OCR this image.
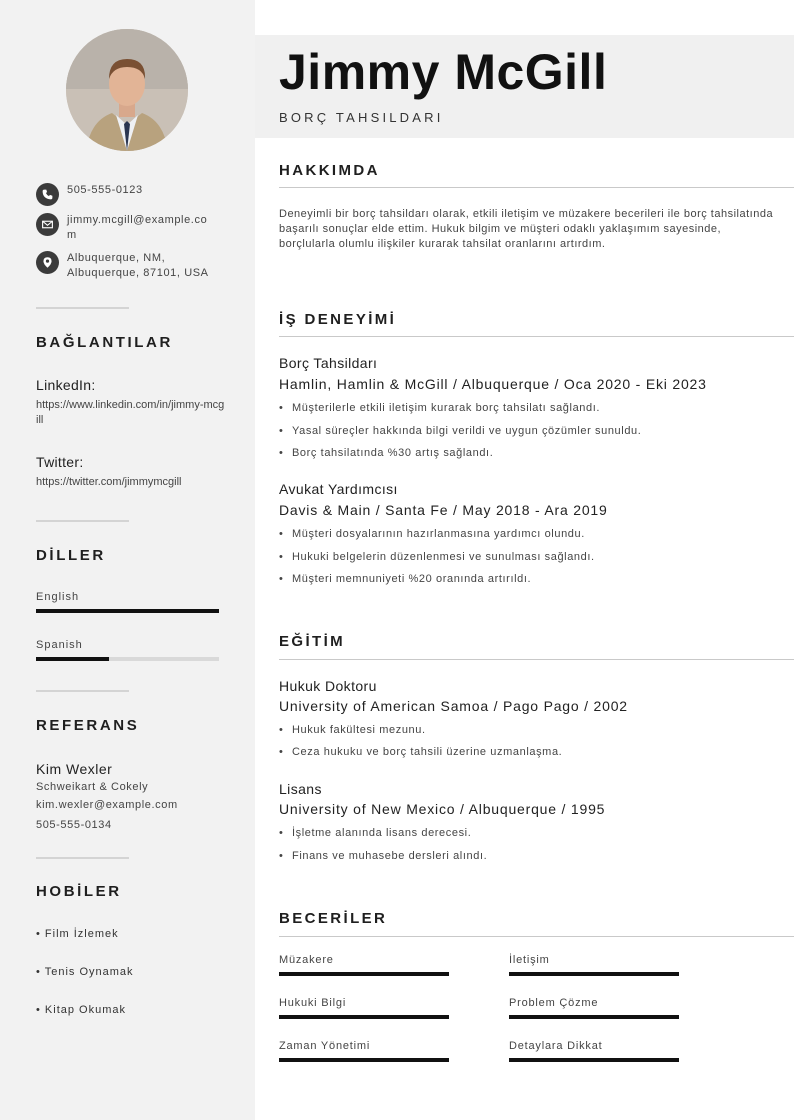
505-555-0123
jimmy.mcgill@example.com
Albuquerque, NM, Albuquerque, 87101, USA
BAĞLANTILAR
LinkedIn:
https://www.linkedin.com/in/jimmy-mcgill
Twitter:
https://twitter.com/jimmymcgill
DİLLER
English
Spanish
REFERANS
Kim Wexler
Schweikart & Cokely
kim.wexler@example.com
505-555-0134
HOBİLER
• Film İzlemek
• Tenis Oynamak
• Kitap Okumak
Jimmy McGill
BORÇ TAHSILDARI
HAKKIMDA
Deneyimli bir borç tahsildarı olarak, etkili iletişim ve müzakere becerileri ile borç tahsilatında başarılı sonuçlar elde ettim. Hukuk bilgim ve müşteri odaklı yaklaşımım sayesinde, borçlularla olumlu ilişkiler kurarak tahsilat oranlarını artırdım.
İŞ DENEYİMİ
Borç Tahsildarı
Hamlin, Hamlin & McGill / Albuquerque / Oca 2020 - Eki 2023
• Müşterilerle etkili iletişim kurarak borç tahsilatı sağlandı.
• Yasal süreçler hakkında bilgi verildi ve uygun çözümler sunuldu.
• Borç tahsilatında %30 artış sağlandı.
Avukat Yardımcısı
Davis & Main / Santa Fe / May 2018 - Ara 2019
• Müşteri dosyalarının hazırlanmasına yardımcı olundu.
• Hukuki belgelerin düzenlenmesi ve sunulması sağlandı.
• Müşteri memnuniyeti %20 oranında artırıldı.
EĞİTİM
Hukuk Doktoru
University of American Samoa / Pago Pago / 2002
• Hukuk fakültesi mezunu.
• Ceza hukuku ve borç tahsili üzerine uzmanlaşma.
Lisans
University of New Mexico / Albuquerque / 1995
• İşletme alanında lisans derecesi.
• Finans ve muhasebe dersleri alındı.
BECERİLER
Müzakere	İletişim
Hukuki Bilgi	Problem Çözme
Zaman Yönetimi	Detaylara Dikkat
